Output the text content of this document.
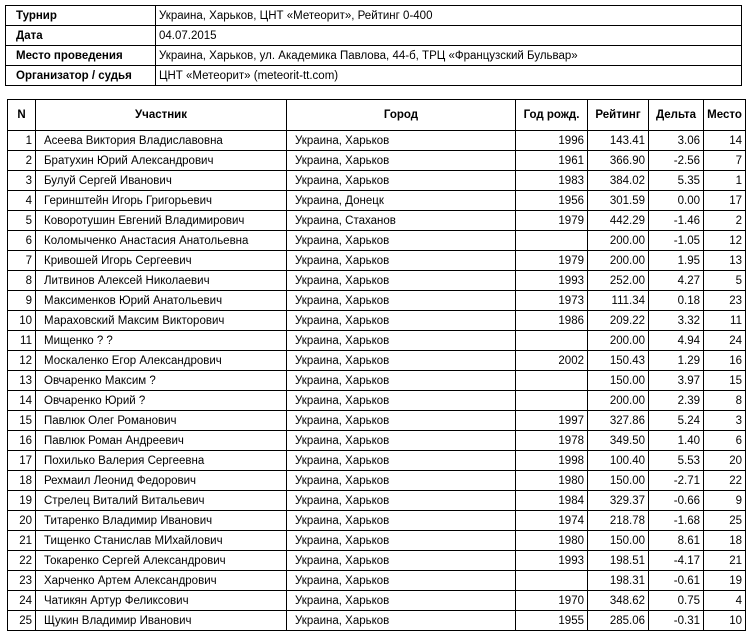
Турнир	Украина, Харьков, ЦНТ «Метеорит», Рейтинг 0-400
Дата	04.07.2015
Место проведения	Украина, Харьков, ул. Академика Павлова, 44-б, ТРЦ «Французский Бульвар»
Организатор / судья	ЦНТ «Метеорит» (meteorit-tt.com)
N	Участник	Город	Год рожд.	Рейтинг	Дельта	Место
1	Асеева Виктория Владиславовна	Украина, Харьков	1996	143.41	3.06	14
2	Братухин Юрий Александрович	Украина, Харьков	1961	366.90	-2.56	7
3	Булуй Сергей Иванович	Украина, Харьков	1983	384.02	5.35	1
4	Геринштейн Игорь Григорьевич	Украина, Донецк	1956	301.59	0.00	17
5	Коворотушин Евгений Владимирович	Украина, Стаханов	1979	442.29	-1.46	2
6	Коломыченко Анастасия Анатольевна	Украина, Харьков		200.00	-1.05	12
7	Кривошей Игорь Сергеевич	Украина, Харьков	1979	200.00	1.95	13
8	Литвинов Алексей Николаевич	Украина, Харьков	1993	252.00	4.27	5
9	Максименков Юрий Анатольевич	Украина, Харьков	1973	111.34	0.18	23
10	Мараховский Максим Викторович	Украина, Харьков	1986	209.22	3.32	11
11	Мищенко ? ?	Украина, Харьков		200.00	4.94	24
12	Москаленко Егор Александрович	Украина, Харьков	2002	150.43	1.29	16
13	Овчаренко Максим ?	Украина, Харьков		150.00	3.97	15
14	Овчаренко Юрий ?	Украина, Харьков		200.00	2.39	8
15	Павлюк Олег Романович	Украина, Харьков	1997	327.86	5.24	3
16	Павлюк Роман Андреевич	Украина, Харьков	1978	349.50	1.40	6
17	Похилько Валерия Сергеевна	Украина, Харьков	1998	100.40	5.53	20
18	Рехмаил Леонид Федорович	Украина, Харьков	1980	150.00	-2.71	22
19	Стрелец Виталий Витальевич	Украина, Харьков	1984	329.37	-0.66	9
20	Титаренко Владимир Иванович	Украина, Харьков	1974	218.78	-1.68	25
21	Тищенко Станислав МИхайлович	Украина, Харьков	1980	150.00	8.61	18
22	Токаренко Сергей Александрович	Украина, Харьков	1993	198.51	-4.17	21
23	Харченко Артем Александрович	Украина, Харьков		198.31	-0.61	19
24	Чатикян Артур Феликсович	Украина, Харьков	1970	348.62	0.75	4
25	Щукин Владимир Иванович	Украина, Харьков	1955	285.06	-0.31	10
